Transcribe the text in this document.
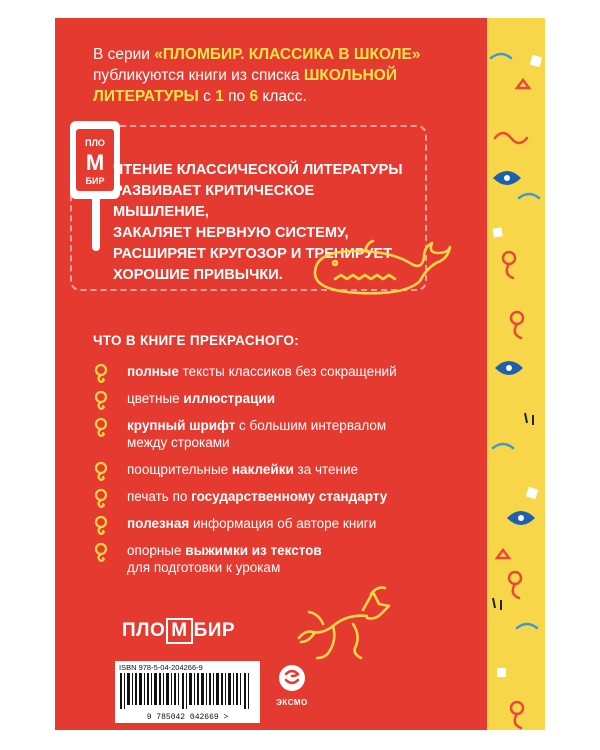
В серии «ПЛОМБИР. КЛАССИКА В ШКОЛЕ» публикуются книги из списка ШКОЛЬНОЙ ЛИТЕРАТУРЫ с 1 по 6 класс.
ПЛО
М
БИР
ЧТЕНИЕ КЛАССИЧЕСКОЙ ЛИТЕРАТУРЫ
РАЗВИВАЕТ КРИТИЧЕСКОЕ МЫШЛЕНИЕ,
ЗАКАЛЯЕТ НЕРВНУЮ СИСТЕМУ,
РАСШИРЯЕТ КРУГОЗОР И ТРЕНИРУЕТ
ХОРОШИЕ ПРИВЫЧКИ.
ЧТО В КНИГЕ ПРЕКРАСНОГО:
полные тексты классиков без сокращений
цветные иллюстрации
крупный шрифт с большим интервалом
между строками
поощрительные наклейки за чтение
печать по государственному стандарту
полезная информация об авторе книги
опорные выжимки из текстов
для подготовки к урокам
ПЛО М БИР
ISBN 978-5-04-204266-9
9 785042 042669 >
ЭКСМО
